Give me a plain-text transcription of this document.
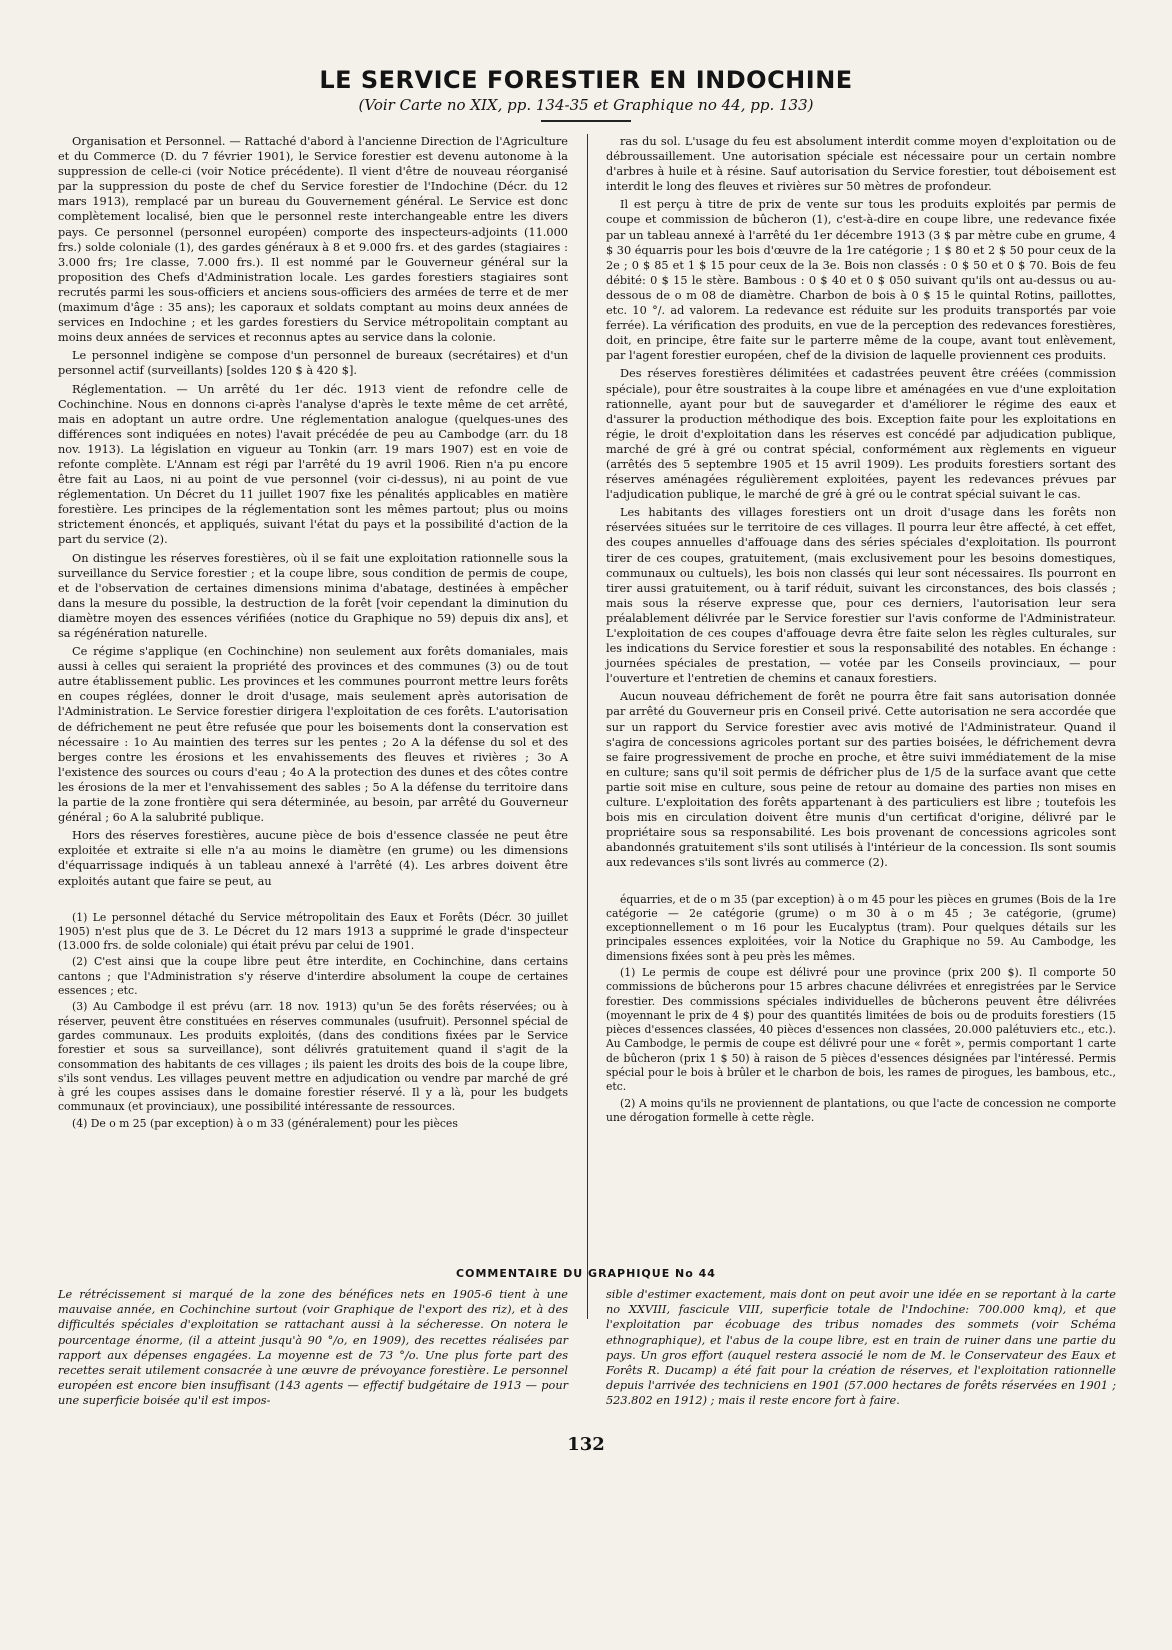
LE SERVICE FORESTIER EN INDOCHINE
(Voir Carte no XIX, pp. 134-35 et Graphique no 44, pp. 133)

Organisation et Personnel. — Rattaché d'abord à l'ancienne Direction de l'Agriculture et du Commerce (D. du 7 février 1901), le Service forestier est devenu autonome à la suppression de celle-ci (voir Notice précédente). Il vient d'être de nouveau réorganisé par la suppression du poste de chef du Service forestier de l'Indochine (Décr. du 12 mars 1913), remplacé par un bureau du Gouvernement général. Le Service est donc complètement localisé, bien que le personnel reste interchangeable entre les divers pays. Ce personnel (personnel européen) comporte des inspecteurs-adjoints (11.000 frs.) solde coloniale (1), des gardes généraux à 8 et 9.000 frs. et des gardes (stagiaires : 3.000 frs; 1re classe, 7.000 frs.). Il est nommé par le Gouverneur général sur la proposition des Chefs d'Administration locale. Les gardes forestiers stagiaires sont recrutés parmi les sous-officiers et anciens sous-officiers des armées de terre et de mer (maximum d'âge : 35 ans); les caporaux et soldats comptant au moins deux années de services en Indochine ; et les gardes forestiers du Service métropolitain comptant au moins deux années de services et reconnus aptes au service dans la colonie.

Le personnel indigène se compose d'un personnel de bureaux (secrétaires) et d'un personnel actif (surveillants) [soldes 120 $ à 420 $].

Réglementation. — Un arrêté du 1er déc. 1913 vient de refondre celle de Cochinchine. Nous en donnons ci-après l'analyse d'après le texte même de cet arrêté, mais en adoptant un autre ordre. Une réglementation analogue (quelques-unes des différences sont indiquées en notes) l'avait précédée de peu au Cambodge (arr. du 18 nov. 1913). La législation en vigueur au Tonkin (arr. 19 mars 1907) est en voie de refonte complète. L'Annam est régi par l'arrêté du 19 avril 1906. Rien n'a pu encore être fait au Laos, ni au point de vue personnel (voir ci-dessus), ni au point de vue réglementation. Un Décret du 11 juillet 1907 fixe les pénalités applicables en matière forestière. Les principes de la réglementation sont les mêmes partout; plus ou moins strictement énoncés, et appliqués, suivant l'état du pays et la possibilité d'action de la part du service (2).

On distingue les réserves forestières, où il se fait une exploitation rationnelle sous la surveillance du Service forestier ; et la coupe libre, sous condition de permis de coupe, et de l'observation de certaines dimensions minima d'abatage, destinées à empêcher dans la mesure du possible, la destruction de la forêt [voir cependant la diminution du diamètre moyen des essences vérifiées (notice du Graphique no 59) depuis dix ans], et sa régénération naturelle.

Ce régime s'applique (en Cochinchine) non seulement aux forêts domaniales, mais aussi à celles qui seraient la propriété des provinces et des communes (3) ou de tout autre établissement public. Les provinces et les communes pourront mettre leurs forêts en coupes réglées, donner le droit d'usage, mais seulement après autorisation de l'Administration. Le Service forestier dirigera l'exploitation de ces forêts. L'autorisation de défrichement ne peut être refusée que pour les boisements dont la conservation est nécessaire : 1o Au maintien des terres sur les pentes ; 2o A la défense du sol et des berges contre les érosions et les envahissements des fleuves et rivières ; 3o A l'existence des sources ou cours d'eau ; 4o A la protection des dunes et des côtes contre les érosions de la mer et l'envahissement des sables ; 5o A la défense du territoire dans la partie de la zone frontière qui sera déterminée, au besoin, par arrêté du Gouverneur général ; 6o A la salubrité publique.

Hors des réserves forestières, aucune pièce de bois d'essence classée ne peut être exploitée et extraite si elle n'a au moins le diamètre (en grume) ou les dimensions d'équarrissage indiqués à un tableau annexé à l'arrêté (4). Les arbres doivent être exploités autant que faire se peut, au

(1) Le personnel détaché du Service métropolitain des Eaux et Forêts (Décr. 30 juillet 1905) n'est plus que de 3. Le Décret du 12 mars 1913 a supprimé le grade d'inspecteur (13.000 frs. de solde coloniale) qui était prévu par celui de 1901.

(2) C'est ainsi que la coupe libre peut être interdite, en Cochinchine, dans certains cantons ; que l'Administration s'y réserve d'interdire absolument la coupe de certaines essences ; etc.

(3) Au Cambodge il est prévu (arr. 18 nov. 1913) qu'un 5e des forêts réservées; ou à réserver, peuvent être constituées en réserves communales (usufruit). Personnel spécial de gardes communaux. Les produits exploités, (dans des conditions fixées par le Service forestier et sous sa surveillance), sont délivrés gratuitement quand il s'agit de la consommation des habitants de ces villages ; ils paient les droits des bois de la coupe libre, s'ils sont vendus. Les villages peuvent mettre en adjudication ou vendre par marché de gré à gré les coupes assises dans le domaine forestier réservé. Il y a là, pour les budgets communaux (et provinciaux), une possibilité intéressante de ressources.

(4) De o m 25 (par exception) à o m 33 (généralement) pour les pièces

ras du sol. L'usage du feu est absolument interdit comme moyen d'exploitation ou de débroussaillement. Une autorisation spéciale est nécessaire pour un certain nombre d'arbres à huile et à résine. Sauf autorisation du Service forestier, tout déboisement est interdit le long des fleuves et rivières sur 50 mètres de profondeur.

Il est perçu à titre de prix de vente sur tous les produits exploités par permis de coupe et commission de bûcheron (1), c'est-à-dire en coupe libre, une redevance fixée par un tableau annexé à l'arrêté du 1er décembre 1913 (3 $ par mètre cube en grume, 4 $ 30 équarris pour les bois d'œuvre de la 1re catégorie ; 1 $ 80 et 2 $ 50 pour ceux de la 2e ; 0 $ 85 et 1 $ 15 pour ceux de la 3e. Bois non classés : 0 $ 50 et 0 $ 70. Bois de feu débité: 0 $ 15 le stère. Bambous : 0 $ 40 et 0 $ 050 suivant qu'ils ont au-dessus ou au-dessous de o m 08 de diamètre. Charbon de bois à 0 $ 15 le quintal Rotins, paillottes, etc. 10 °/. ad valorem. La redevance est réduite sur les produits transportés par voie ferrée). La vérification des produits, en vue de la perception des redevances forestières, doit, en principe, être faite sur le parterre même de la coupe, avant tout enlèvement, par l'agent forestier européen, chef de la division de laquelle proviennent ces produits.

Des réserves forestières délimitées et cadastrées peuvent être créées (commission spéciale), pour être soustraites à la coupe libre et aménagées en vue d'une exploitation rationnelle, ayant pour but de sauvegarder et d'améliorer le régime des eaux et d'assurer la production méthodique des bois. Exception faite pour les exploitations en régie, le droit d'exploitation dans les réserves est concédé par adjudication publique, marché de gré à gré ou contrat spécial, conformément aux règlements en vigueur (arrêtés des 5 septembre 1905 et 15 avril 1909). Les produits forestiers sortant des réserves aménagées régulièrement exploitées, payent les redevances prévues par l'adjudication publique, le marché de gré à gré ou le contrat spécial suivant le cas.

Les habitants des villages forestiers ont un droit d'usage dans les forêts non réservées situées sur le territoire de ces villages. Il pourra leur être affecté, à cet effet, des coupes annuelles d'affouage dans des séries spéciales d'exploitation. Ils pourront tirer de ces coupes, gratuitement, (mais exclusivement pour les besoins domestiques, communaux ou cultuels), les bois non classés qui leur sont nécessaires. Ils pourront en tirer aussi gratuitement, ou à tarif réduit, suivant les circonstances, des bois classés ; mais sous la réserve expresse que, pour ces derniers, l'autorisation leur sera préalablement délivrée par le Service forestier sur l'avis conforme de l'Administrateur. L'exploitation de ces coupes d'affouage devra être faite selon les règles culturales, sur les indications du Service forestier et sous la responsabilité des notables. En échange : journées spéciales de prestation, — votée par les Conseils provinciaux, — pour l'ouverture et l'entretien de chemins et canaux forestiers.

Aucun nouveau défrichement de forêt ne pourra être fait sans autorisation donnée par arrêté du Gouverneur pris en Conseil privé. Cette autorisation ne sera accordée que sur un rapport du Service forestier avec avis motivé de l'Administrateur. Quand il s'agira de concessions agricoles portant sur des parties boisées, le défrichement devra se faire progressivement de proche en proche, et être suivi immédiatement de la mise en culture; sans qu'il soit permis de défricher plus de 1/5 de la surface avant que cette partie soit mise en culture, sous peine de retour au domaine des parties non mises en culture. L'exploitation des forêts appartenant à des particuliers est libre ; toutefois les bois mis en circulation doivent être munis d'un certificat d'origine, délivré par le propriétaire sous sa responsabilité. Les bois provenant de concessions agricoles sont abandonnés gratuitement s'ils sont utilisés à l'intérieur de la concession. Ils sont soumis aux redevances s'ils sont livrés au commerce (2).

équarries, et de o m 35 (par exception) à o m 45 pour les pièces en grumes (Bois de la 1re catégorie — 2e catégorie (grume) o m 30 à o m 45 ; 3e catégorie, (grume) exceptionnellement o m 16 pour les Eucalyptus (tram). Pour quelques détails sur les principales essences exploitées, voir la Notice du Graphique no 59. Au Cambodge, les dimensions fixées sont à peu près les mêmes.

(1) Le permis de coupe est délivré pour une province (prix 200 $). Il comporte 50 commissions de bûcherons pour 15 arbres chacune délivrées et enregistrées par le Service forestier. Des commissions spéciales individuelles de bûcherons peuvent être délivrées (moyennant le prix de 4 $) pour des quantités limitées de bois ou de produits forestiers (15 pièces d'essences classées, 40 pièces d'essences non classées, 20.000 palétuviers etc., etc.). Au Cambodge, le permis de coupe est délivré pour une « forêt », permis comportant 1 carte de bûcheron (prix 1 $ 50) à raison de 5 pièces d'essences désignées par l'intéressé. Permis spécial pour le bois à brûler et le charbon de bois, les rames de pirogues, les bambous, etc., etc.

(2) A moins qu'ils ne proviennent de plantations, ou que l'acte de concession ne comporte une dérogation formelle à cette règle.

COMMENTAIRE DU GRAPHIQUE No 44
Le rétrécissement si marqué de la zone des bénéfices nets en 1905-6 tient à une mauvaise année, en Cochinchine surtout (voir Graphique de l'export des riz), et à des difficultés spéciales d'exploitation se rattachant aussi à la sécheresse. On notera le pourcentage énorme, (il a atteint jusqu'à 90 °/o, en 1909), des recettes réalisées par rapport aux dépenses engagées. La moyenne est de 73 °/o. Une plus forte part des recettes serait utilement consacrée à une œuvre de prévoyance forestière. Le personnel européen est encore bien insuffisant (143 agents — effectif budgétaire de 1913 — pour une superficie boisée qu'il est impos-
sible d'estimer exactement, mais dont on peut avoir une idée en se reportant à la carte no XXVIII, fascicule VIII, superficie totale de l'Indochine: 700.000 kmq), et que l'exploitation par écobuage des tribus nomades des sommets (voir Schéma ethnographique), et l'abus de la coupe libre, est en train de ruiner dans une partie du pays. Un gros effort (auquel restera associé le nom de M. le Conservateur des Eaux et Forêts R. Ducamp) a été fait pour la création de réserves, et l'exploitation rationnelle depuis l'arrivée des techniciens en 1901 (57.000 hectares de forêts réservées en 1901 ; 523.802 en 1912) ; mais il reste encore fort à faire.
132
